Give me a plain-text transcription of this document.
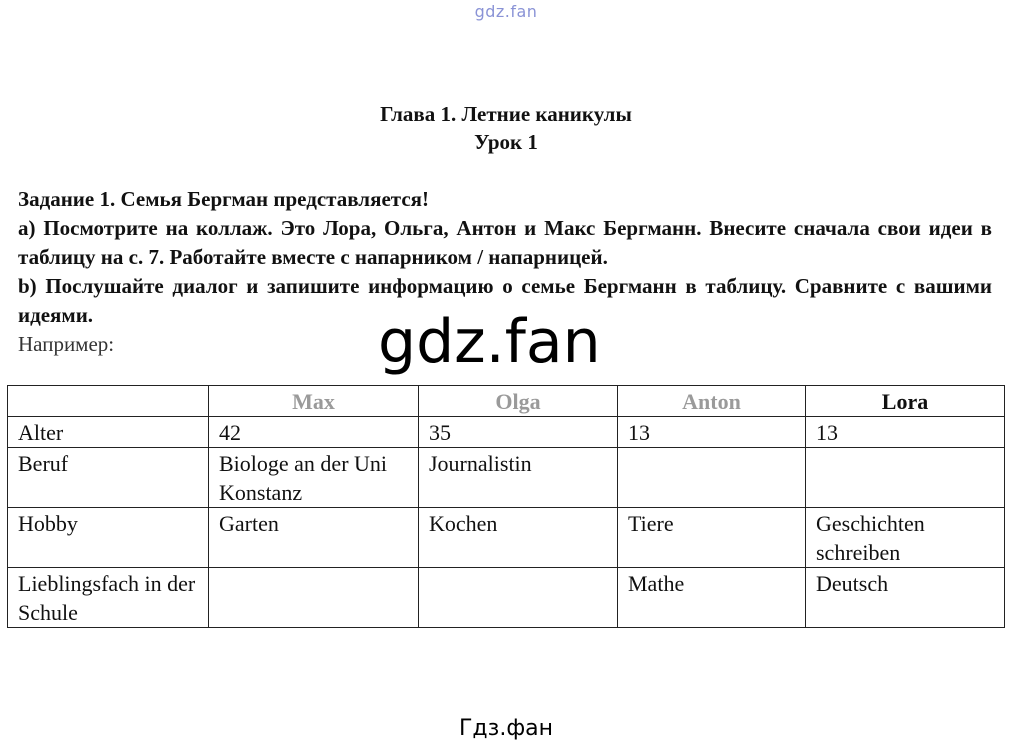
gdz.fan
Глава 1. Летние каникулы
Урок 1

Задание 1. Семья Бергман представляется!

a) Посмотрите на коллаж. Это Лора, Ольга, Антон и Макс Бергманн. Внесите сначала свои идеи в таблицу на с. 7. Работайте вместе с напарником / напарницей.

b) Послушайте диалог и запишите информацию о семье Бергманн в таблицу. Сравните с вашими идеями.

Например:	gdz.fan
	Max	Olga	Anton	Lora
Alter	42	35	13	13
Beruf	Biologe an der Uni Konstanz	Journalistin		
Hobby	Garten	Kochen	Tiere	Geschichten schreiben
Lieblingsfach in der Schule			Mathe	Deutsch
Гдз.фан
